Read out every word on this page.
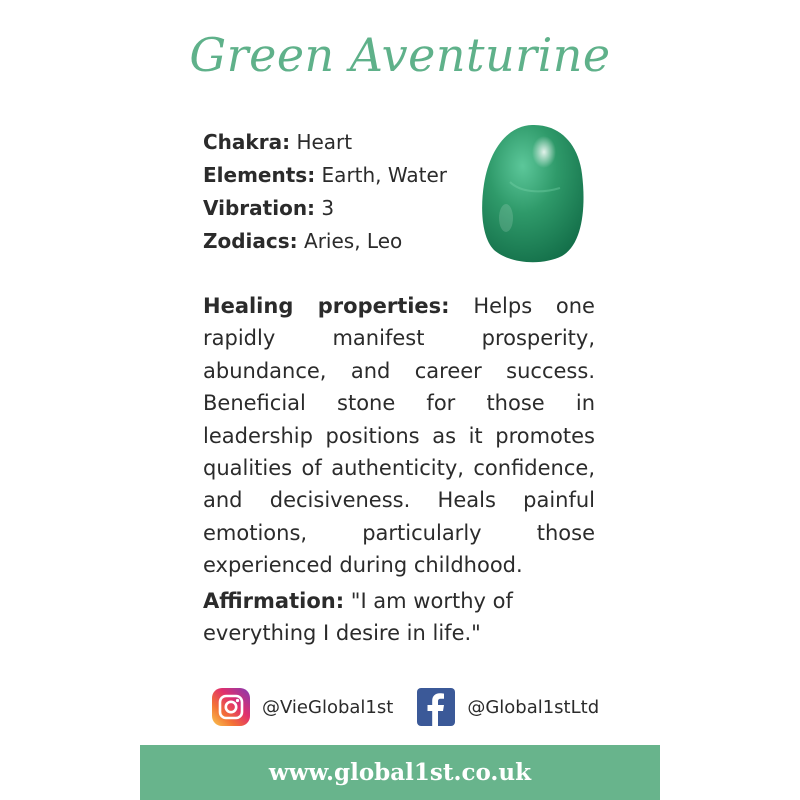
Green Aventurine
Chakra: Heart
Elements: Earth, Water
Vibration: 3
Zodiacs: Aries, Leo
Healing properties: Helps one rapidly manifest prosperity, abundance, and career success. Beneficial stone for those in leadership positions as it promotes qualities of authenticity, confidence, and decisiveness. Heals painful emotions, particularly those experienced during childhood.
Affirmation: "I am worthy of
everything I desire in life."
@VieGlobal1st	@Global1stLtd
www.global1st.co.uk
